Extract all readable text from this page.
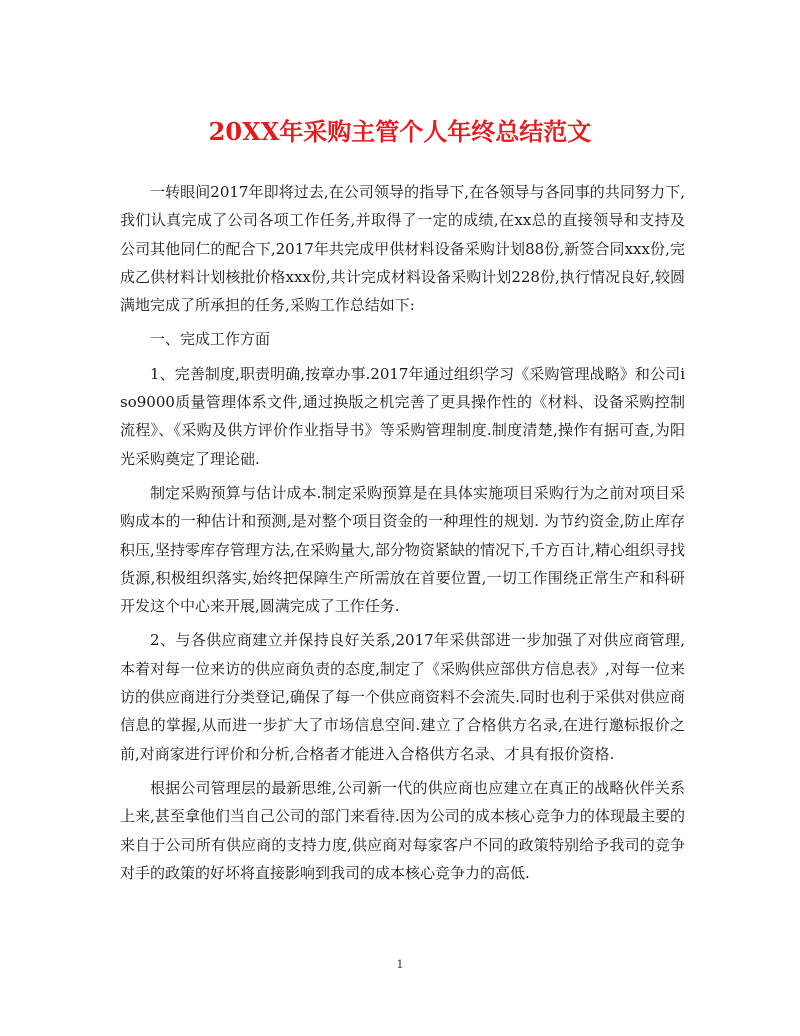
20XX年采购主管个人年终总结范文

一转眼间2017年即将过去,在公司领导的指导下,在各领导与各同事的共同努力下,我们认真完成了公司各项工作任务,并取得了一定的成绩,在xx总的直接领导和支持及公司其他同仁的配合下,2017年共完成甲供材料设备采购计划88份,新签合同xxx份,完成乙供材料计划核批价格xxx份,共计完成材料设备采购计划228份,执行情况良好,较圆满地完成了所承担的任务,采购工作总结如下:

一、完成工作方面

1、完善制度,职责明确,按章办事.2017年通过组织学习《采购管理战略》和公司iso9000质量管理体系文件,通过换版之机完善了更具操作性的《材料、设备采购控制流程》、《采购及供方评价作业指导书》等采购管理制度.制度清楚,操作有据可查,为阳光采购奠定了理论础.

制定采购预算与估计成本.制定采购预算是在具体实施项目采购行为之前对项目采购成本的一种估计和预测,是对整个项目资金的一种理性的规划. 为节约资金,防止库存积压,坚持零库存管理方法,在采购量大,部分物资紧缺的情况下,千方百计,精心组织寻找货源,积极组织落实,始终把保障生产所需放在首要位置,一切工作围绕正常生产和科研开发这个中心来开展,圆满完成了工作任务.

2、与各供应商建立并保持良好关系,2017年采供部进一步加强了对供应商管理,本着对每一位来访的供应商负责的态度,制定了《采购供应部供方信息表》,对每一位来访的供应商进行分类登记,确保了每一个供应商资料不会流失.同时也利于采供对供应商信息的掌握,从而进一步扩大了市场信息空间.建立了合格供方名录,在进行邀标报价之前,对商家进行评价和分析,合格者才能进入合格供方名录、才具有报价资格.

根据公司管理层的最新思维,公司新一代的供应商也应建立在真正的战略伙伴关系上来,甚至拿他们当自己公司的部门来看待.因为公司的成本核心竞争力的体现最主要的来自于公司所有供应商的支持力度,供应商对每家客户不同的政策特别给予我司的竞争对手的政策的好坏将直接影响到我司的成本核心竞争力的高低.

1
